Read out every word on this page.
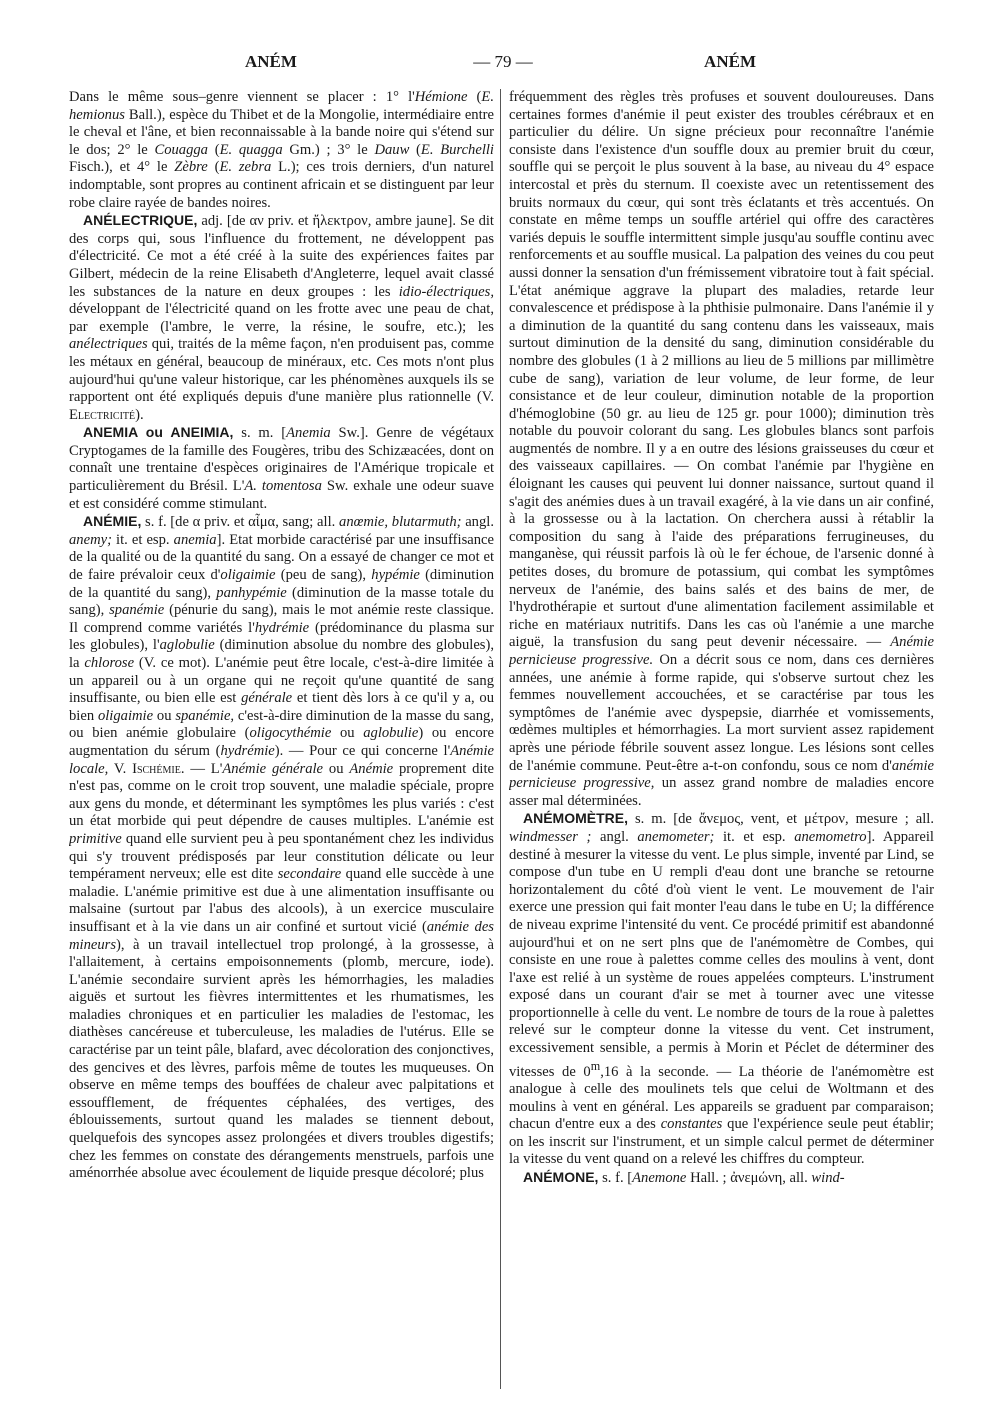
ANÉM	— 79 —	ANÉM

Dans le même sous–genre viennent se placer : 1° l'Hémione (E. hemionus Ball.), espèce du Thibet et de la Mongolie, intermédiaire entre le cheval et l'âne, et bien reconnaissable à la bande noire qui s'étend sur le dos; 2° le Couagga (E. quagga Gm.) ; 3° le Dauw (E. Burchelli Fisch.), et 4° le Zèbre (E. zebra L.); ces trois derniers, d'un naturel indomptable, sont propres au continent africain et se distinguent par leur robe claire rayée de bandes noires.

ANÉLECTRIQUE, adj. [de αν priv. et ἤλεκτρον, ambre jaune]. Se dit des corps qui, sous l'influence du frottement, ne développent pas d'électricité. Ce mot a été créé à la suite des expériences faites par Gilbert, médecin de la reine Elisabeth d'Angleterre, lequel avait classé les substances de la nature en deux groupes : les idio-électriques, développant de l'électricité quand on les frotte avec une peau de chat, par exemple (l'ambre, le verre, la résine, le soufre, etc.); les anélectriques qui, traités de la même façon, n'en produisent pas, comme les métaux en général, beaucoup de minéraux, etc. Ces mots n'ont plus aujourd'hui qu'une valeur historique, car les phénomènes auxquels ils se rapportent ont été expliqués depuis d'une manière plus rationnelle (V. Electricité).

ANEMIA ou ANEIMIA, s. m. [Anemia Sw.]. Genre de végétaux Cryptogames de la famille des Fougères, tribu des Schizæacées, dont on connaît une trentaine d'espèces originaires de l'Amérique tropicale et particulièrement du Brésil. L'A. tomentosa Sw. exhale une odeur suave et est considéré comme stimulant.

ANÉMIE, s. f. [de α priv. et αἷμα, sang; all. anœmie, blutarmuth; angl. anemy; it. et esp. anemia]. Etat morbide caractérisé par une insuffisance de la qualité ou de la quantité du sang. On a essayé de changer ce mot et de faire prévaloir ceux d'oligaimie (peu de sang), hypémie (diminution de la quantité du sang), panhypémie (diminution de la masse totale du sang), spanémie (pénurie du sang), mais le mot anémie reste classique. Il comprend comme variétés l'hydrémie (prédominance du plasma sur les globules), l'aglobulie (diminution absolue du nombre des globules), la chlorose (V. ce mot). L'anémie peut être locale, c'est-à-dire limitée à un appareil ou à un organe qui ne reçoit qu'une quantité de sang insuffisante, ou bien elle est générale et tient dès lors à ce qu'il y a, ou bien oligaimie ou spanémie, c'est-à-dire diminution de la masse du sang, ou bien anémie globulaire (oligocythémie ou aglobulie) ou encore augmentation du sérum (hydrémie). — Pour ce qui concerne l'Anémie locale, V. Ischémie. — L'Anémie générale ou Anémie proprement dite n'est pas, comme on le croit trop souvent, une maladie spéciale, propre aux gens du monde, et déterminant les symptômes les plus variés : c'est un état morbide qui peut dépendre de causes multiples. L'anémie est primitive quand elle survient peu à peu spontanément chez les individus qui s'y trouvent prédisposés par leur constitution délicate ou leur tempérament nerveux; elle est dite secondaire quand elle succède à une maladie. L'anémie primitive est due à une alimentation insuffisante ou malsaine (surtout par l'abus des alcools), à un exercice musculaire insuffisant et à la vie dans un air confiné et surtout vicié (anémie des mineurs), à un travail intellectuel trop prolongé, à la grossesse, à l'allaitement, à certains empoisonnements (plomb, mercure, iode). L'anémie secondaire survient après les hémorrhagies, les maladies aiguës et surtout les fièvres intermittentes et les rhumatismes, les maladies chroniques et en particulier les maladies de l'estomac, les diathèses cancéreuse et tuberculeuse, les maladies de l'utérus. Elle se caractérise par un teint pâle, blafard, avec décoloration des conjonctives, des gencives et des lèvres, parfois même de toutes les muqueuses. On observe en même temps des bouffées de chaleur avec palpitations et essoufflement, de fréquentes céphalées, des vertiges, des éblouissements, surtout quand les malades se tiennent debout, quelquefois des syncopes assez prolongées et divers troubles digestifs; chez les femmes on constate des dérangements menstruels, parfois une aménorrhée absolue avec écoulement de liquide presque décoloré; plus

fréquemment des règles très profuses et souvent douloureuses. Dans certaines formes d'anémie il peut exister des troubles cérébraux et en particulier du délire. Un signe précieux pour reconnaître l'anémie consiste dans l'existence d'un souffle doux au premier bruit du cœur, souffle qui se perçoit le plus souvent à la base, au niveau du 4° espace intercostal et près du sternum. Il coexiste avec un retentissement des bruits normaux du cœur, qui sont très éclatants et très accentués. On constate en même temps un souffle artériel qui offre des caractères variés depuis le souffle intermittent simple jusqu'au souffle continu avec renforcements et au souffle musical. La palpation des veines du cou peut aussi donner la sensation d'un frémissement vibratoire tout à fait spécial. L'état anémique aggrave la plupart des maladies, retarde leur convalescence et prédispose à la phthisie pulmonaire. Dans l'anémie il y a diminution de la quantité du sang contenu dans les vaisseaux, mais surtout diminution de la densité du sang, diminution considérable du nombre des globules (1 à 2 millions au lieu de 5 millions par millimètre cube de sang), variation de leur volume, de leur forme, de leur consistance et de leur couleur, diminution notable de la proportion d'hémoglobine (50 gr. au lieu de 125 gr. pour 1000); diminution très notable du pouvoir colorant du sang. Les globules blancs sont parfois augmentés de nombre. Il y a en outre des lésions graisseuses du cœur et des vaisseaux capillaires. — On combat l'anémie par l'hygiène en éloignant les causes qui peuvent lui donner naissance, surtout quand il s'agit des anémies dues à un travail exagéré, à la vie dans un air confiné, à la grossesse ou à la lactation. On cherchera aussi à rétablir la composition du sang à l'aide des préparations ferrugineuses, du manganèse, qui réussit parfois là où le fer échoue, de l'arsenic donné à petites doses, du bromure de potassium, qui combat les symptômes nerveux de l'anémie, des bains salés et des bains de mer, de l'hydrothérapie et surtout d'une alimentation facilement assimilable et riche en matériaux nutritifs. Dans les cas où l'anémie a une marche aiguë, la transfusion du sang peut devenir nécessaire. — Anémie pernicieuse progressive. On a décrit sous ce nom, dans ces dernières années, une anémie à forme rapide, qui s'observe surtout chez les femmes nouvellement accouchées, et se caractérise par tous les symptômes de l'anémie avec dyspepsie, diarrhée et vomissements, œdèmes multiples et hémorrhagies. La mort survient assez rapidement après une période fébrile souvent assez longue. Les lésions sont celles de l'anémie commune. Peut-être a-t-on confondu, sous ce nom d'anémie pernicieuse progressive, un assez grand nombre de maladies encore asser mal déterminées.

ANÉMOMÈTRE, s. m. [de ἄνεμος, vent, et μέτρον, mesure ; all. windmesser ; angl. anemometer; it. et esp. anemometro]. Appareil destiné à mesurer la vitesse du vent. Le plus simple, inventé par Lind, se compose d'un tube en U rempli d'eau dont une branche se retourne horizontalement du côté d'où vient le vent. Le mouvement de l'air exerce une pression qui fait monter l'eau dans le tube en U; la différence de niveau exprime l'intensité du vent. Ce procédé primitif est abandonné aujourd'hui et on ne sert plns que de l'anémomètre de Combes, qui consiste en une roue à palettes comme celles des moulins à vent, dont l'axe est relié à un système de roues appelées compteurs. L'instrument exposé dans un courant d'air se met à tourner avec une vitesse proportionnelle à celle du vent. Le nombre de tours de la roue à palettes relevé sur le compteur donne la vitesse du vent. Cet instrument, excessivement sensible, a permis à Morin et Péclet de déterminer des vitesses de 0$^m$,16 à la seconde. — La théorie de l'anémomètre est analogue à celle des moulinets tels que celui de Woltmann et des moulins à vent en général. Les appareils se graduent par comparaison; chacun d'entre eux a des constantes que l'expérience seule peut établir; on les inscrit sur l'instrument, et un simple calcul permet de déterminer la vitesse du vent quand on a relevé les chiffres du compteur.

ANÉMONE, s. f. [Anemone Hall. ; ἀνεμώνη, all. wind-
